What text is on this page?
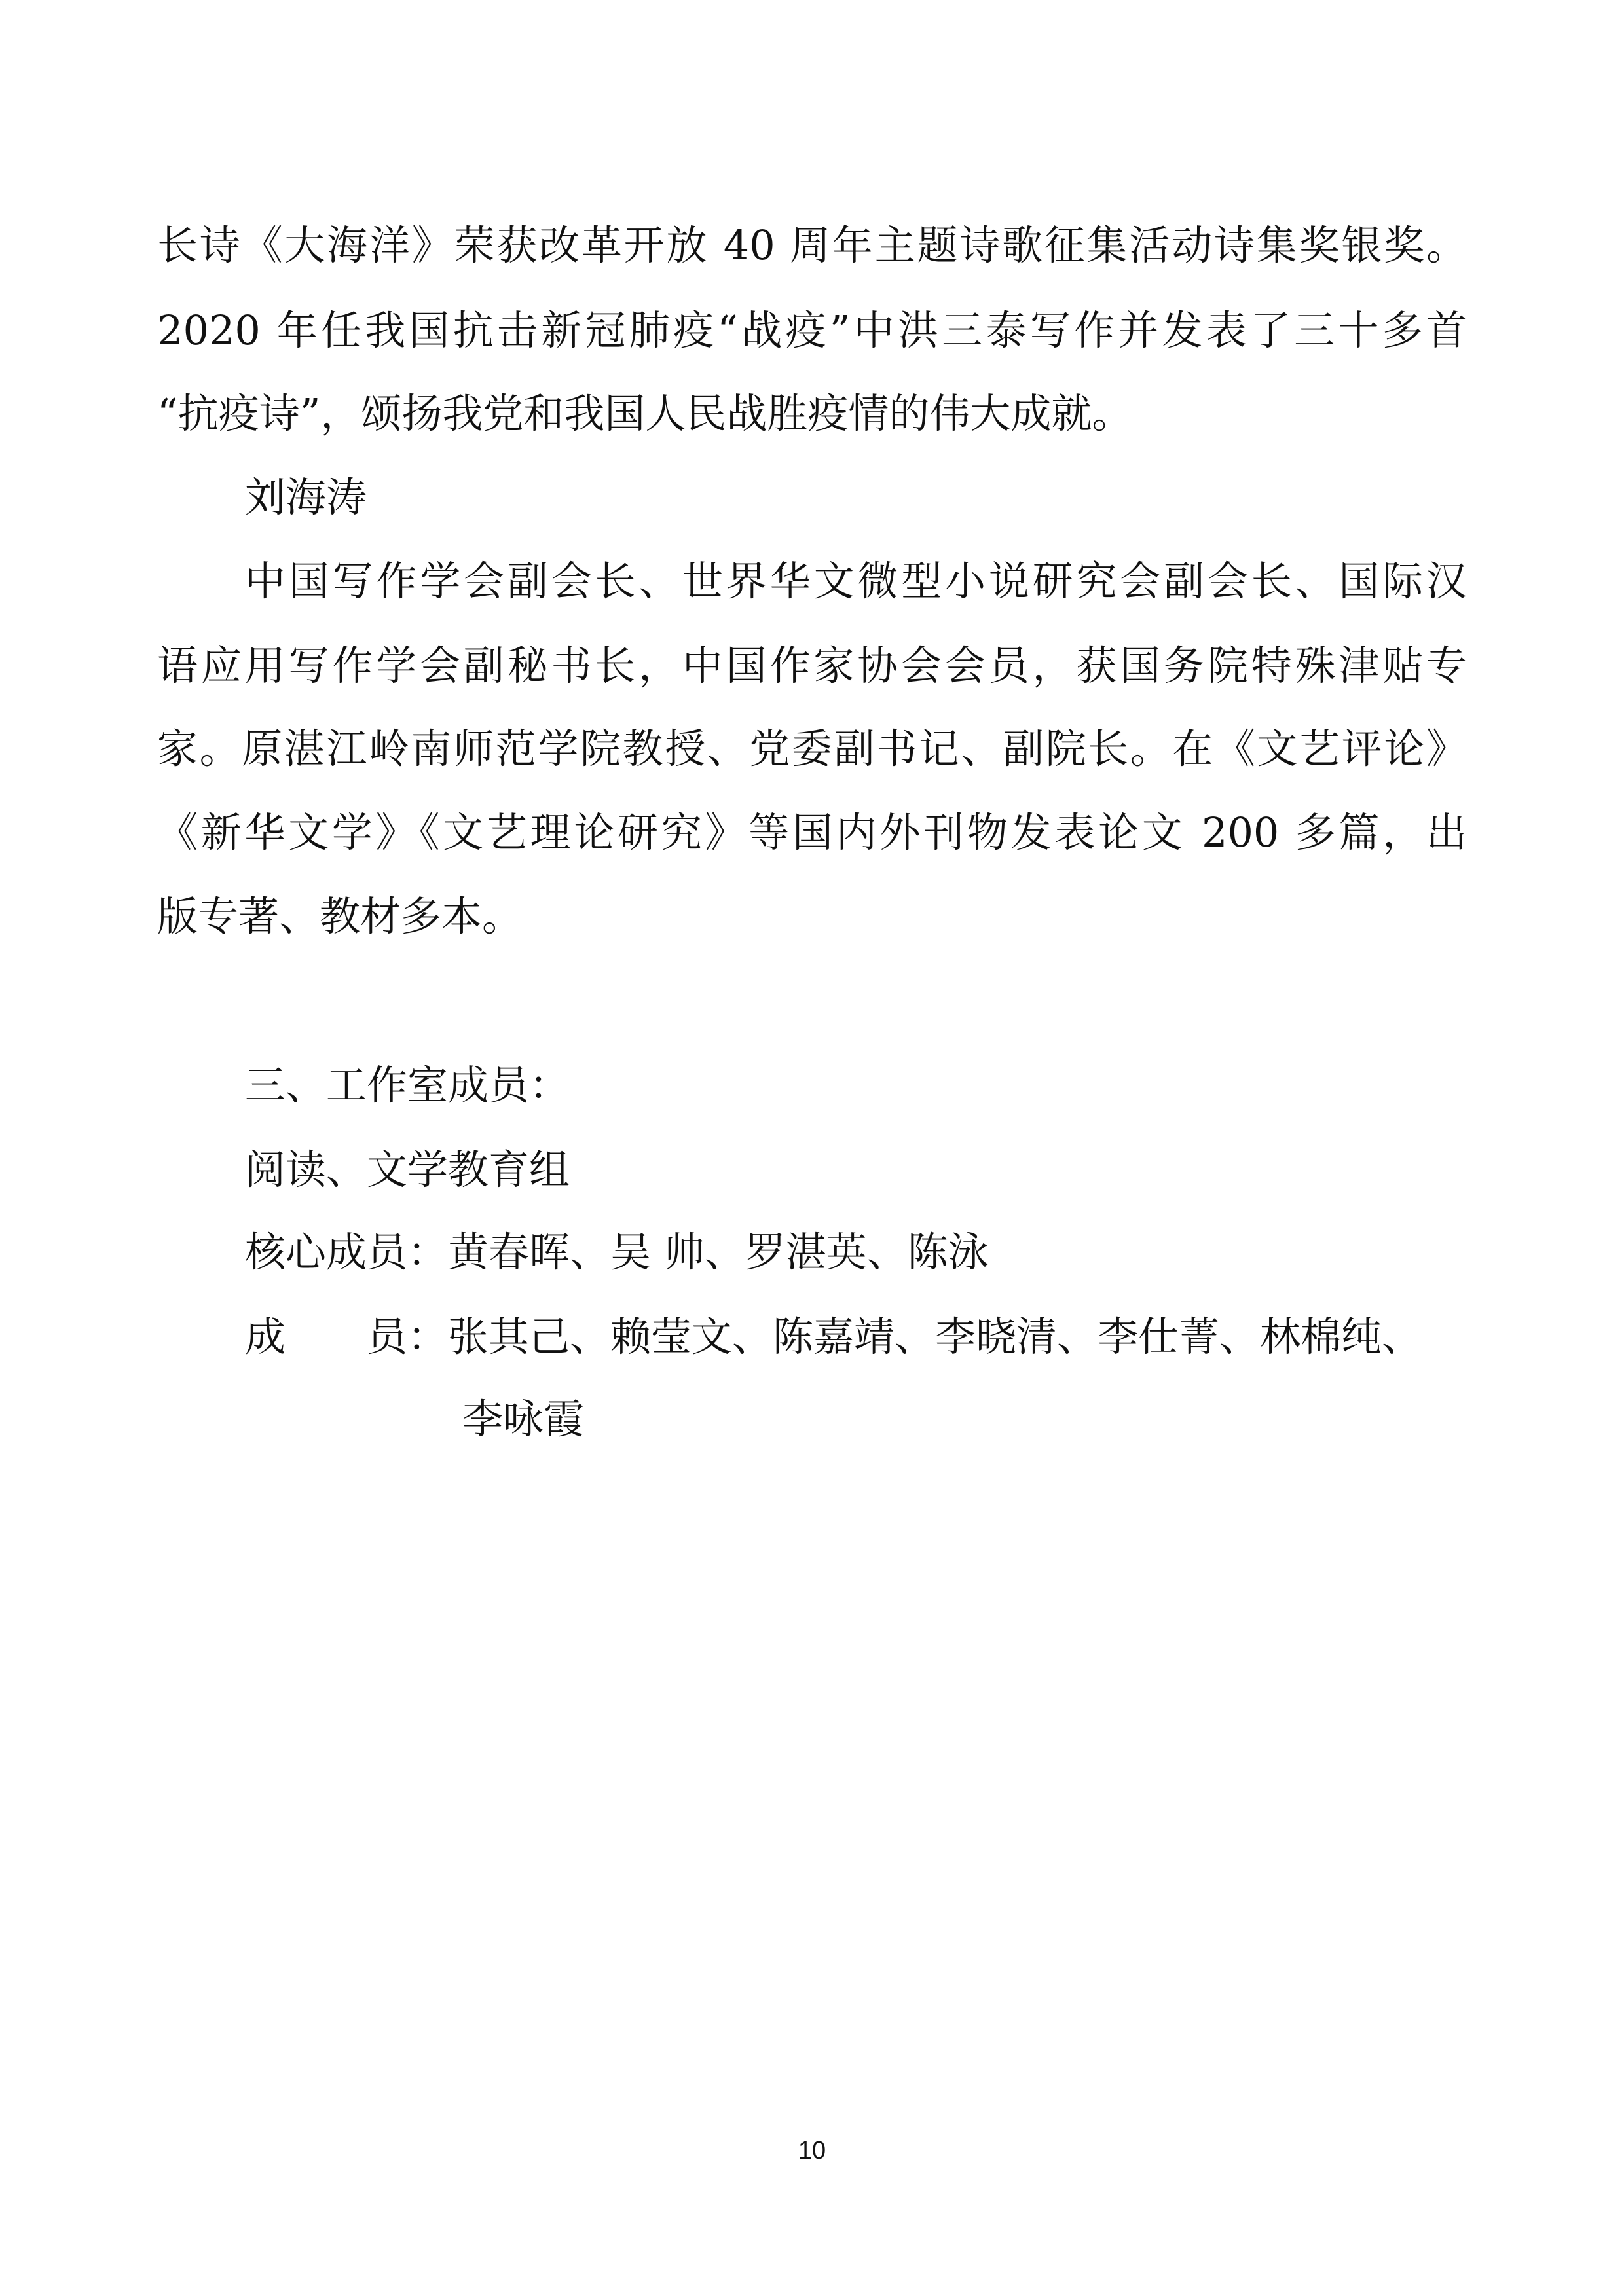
长诗《大海洋》荣获改革开放 40 周年主题诗歌征集活动诗集奖银奖。
2020 年任我国抗击新冠肺疫“战疫”中洪三泰写作并发表了三十多首
“抗疫诗”，颂扬我党和我国人民战胜疫情的伟大成就。
刘海涛
中国写作学会副会长、世界华文微型小说研究会副会长、国际汉
语应用写作学会副秘书长，中国作家协会会员，获国务院特殊津贴专
家。原湛江岭南师范学院教授、党委副书记、副院长。在《文艺评论》
《新华文学》《文艺理论研究》等国内外刊物发表论文 200 多篇，出
版专著、教材多本。
三、工作室成员：
阅读、文学教育组
核心成员：黄春晖、吴 帅、罗湛英、陈泳
成　　员：张其己、赖莹文、陈嘉靖、李晓清、李仕菁、林棉纯、
李咏霞
10
